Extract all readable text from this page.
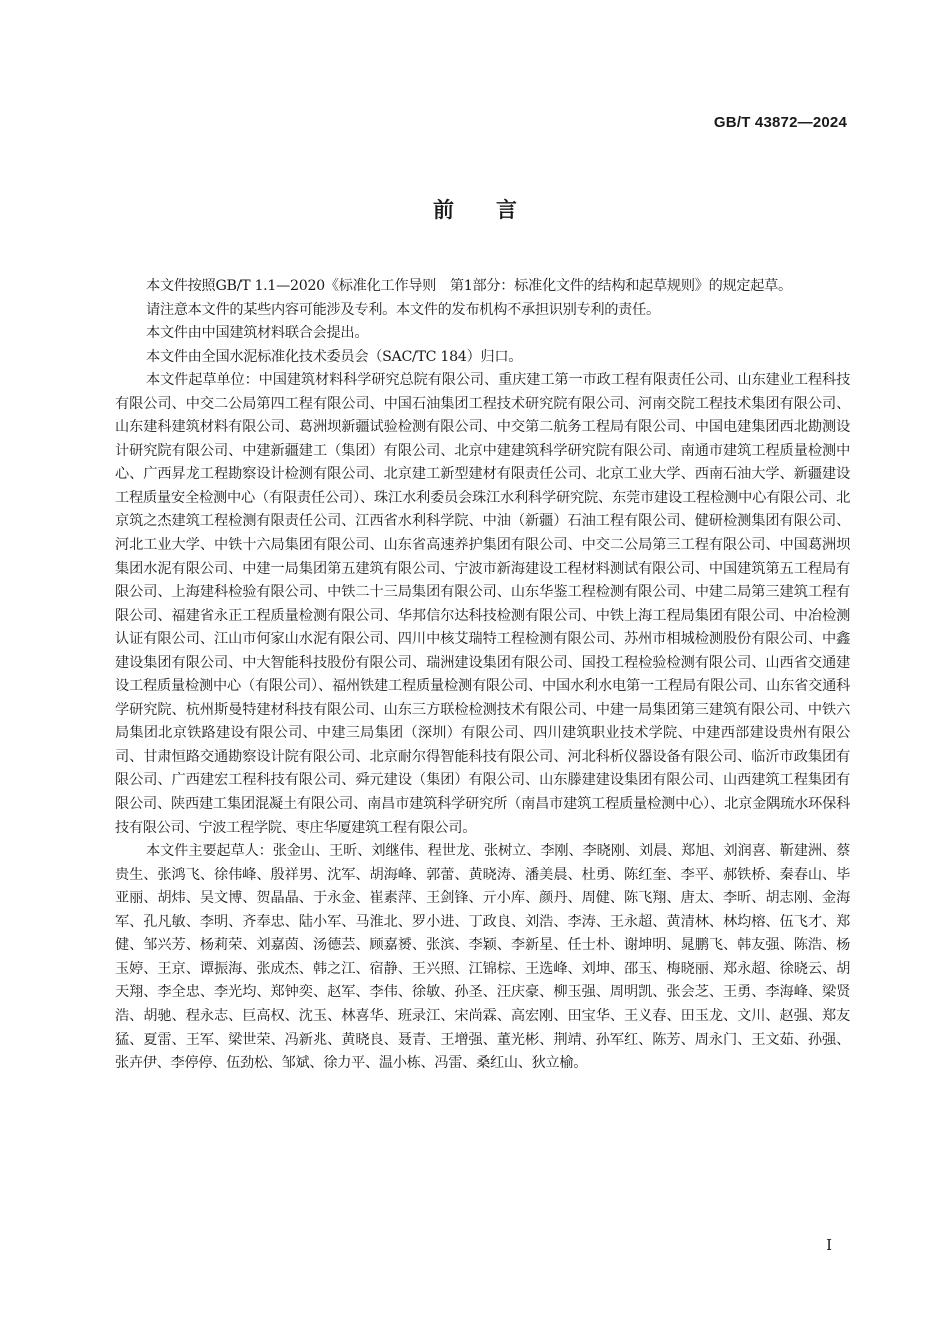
GB/T 43872—2024
前言

本文件按照GB/T 1.1—2020《标准化工作导则　第1部分：标准化文件的结构和起草规则》的规定起草。

请注意本文件的某些内容可能涉及专利。本文件的发布机构不承担识别专利的责任。

本文件由中国建筑材料联合会提出。

本文件由全国水泥标准化技术委员会（SAC/TC 184）归口。

本文件起草单位：中国建筑材料科学研究总院有限公司、重庆建工第一市政工程有限责任公司、山东建业工程科技有限公司、中交二公局第四工程有限公司、中国石油集团工程技术研究院有限公司、河南交院工程技术集团有限公司、山东建科建筑材料有限公司、葛洲坝新疆试验检测有限公司、中交第二航务工程局有限公司、中国电建集团西北勘测设计研究院有限公司、中建新疆建工（集团）有限公司、北京中建建筑科学研究院有限公司、南通市建筑工程质量检测中心、广西昇龙工程勘察设计检测有限公司、北京建工新型建材有限责任公司、北京工业大学、西南石油大学、新疆建设工程质量安全检测中心（有限责任公司）、珠江水利委员会珠江水利科学研究院、东莞市建设工程检测中心有限公司、北京筑之杰建筑工程检测有限责任公司、江西省水利科学院、中油（新疆）石油工程有限公司、健研检测集团有限公司、河北工业大学、中铁十六局集团有限公司、山东省高速养护集团有限公司、中交二公局第三工程有限公司、中国葛洲坝集团水泥有限公司、中建一局集团第五建筑有限公司、宁波市新海建设工程材料测试有限公司、中国建筑第五工程局有限公司、上海建科检验有限公司、中铁二十三局集团有限公司、山东华鉴工程检测有限公司、中建二局第三建筑工程有限公司、福建省永正工程质量检测有限公司、华邦信尔达科技检测有限公司、中铁上海工程局集团有限公司、中冶检测认证有限公司、江山市何家山水泥有限公司、四川中核艾瑞特工程检测有限公司、苏州市相城检测股份有限公司、中鑫建设集团有限公司、中大智能科技股份有限公司、瑞洲建设集团有限公司、国投工程检验检测有限公司、山西省交通建设工程质量检测中心（有限公司）、福州铁建工程质量检测有限公司、中国水利水电第一工程局有限公司、山东省交通科学研究院、杭州斯曼特建材科技有限公司、山东三方联检检测技术有限公司、中建一局集团第三建筑有限公司、中铁六局集团北京铁路建设有限公司、中建三局集团（深圳）有限公司、四川建筑职业技术学院、中建西部建设贵州有限公司、甘肃恒路交通勘察设计院有限公司、北京耐尔得智能科技有限公司、河北科析仪器设备有限公司、临沂市政集团有限公司、广西建宏工程科技有限公司、舜元建设（集团）有限公司、山东滕建建设集团有限公司、山西建筑工程集团有限公司、陕西建工集团混凝土有限公司、南昌市建筑科学研究所（南昌市建筑工程质量检测中心）、北京金隅琉水环保科技有限公司、宁波工程学院、枣庄华厦建筑工程有限公司。

本文件主要起草人：张金山、王昕、刘继伟、程世龙、张树立、李刚、李晓刚、刘晨、郑旭、刘润喜、靳建洲、蔡贵生、张鸿飞、徐伟峰、殷祥男、沈军、胡海峰、郭蕾、黄晓涛、潘美晨、杜勇、陈红奎、李平、郝铁桥、秦春山、毕亚丽、胡炜、吴文博、贺晶晶、于永金、崔素萍、王剑锋、亓小库、颜丹、周健、陈飞翔、唐太、李昕、胡志刚、金海军、孔凡敏、李明、齐奉忠、陆小军、马淮北、罗小进、丁政良、刘浩、李涛、王永超、黄清林、林均榕、伍飞才、郑健、邹兴芳、杨莉荣、刘嘉茵、汤德芸、顾嘉赟、张滨、李颖、李新星、任士朴、谢坤明、晁鹏飞、韩友强、陈浩、杨玉婷、王京、谭振海、张成杰、韩之江、宿静、王兴照、江锦棕、王选峰、刘坤、邵玉、梅晓丽、郑永超、徐晓云、胡天翔、李全忠、李光均、郑钟奕、赵军、李伟、徐敏、孙圣、汪庆豪、柳玉强、周明凯、张会芝、王勇、李海峰、梁贤浩、胡驰、程永志、巨高权、沈玉、林喜华、班录江、宋尚霖、高宏刚、田宝华、王义春、田玉龙、文川、赵强、郑友猛、夏雷、王军、梁世荣、冯新兆、黄晓良、聂青、王增强、董光彬、荆靖、孙军红、陈芳、周永门、王文茹、孙强、张卉伊、李停停、伍劲松、邹斌、徐力平、温小栋、冯雷、桑红山、狄立榆。

I
